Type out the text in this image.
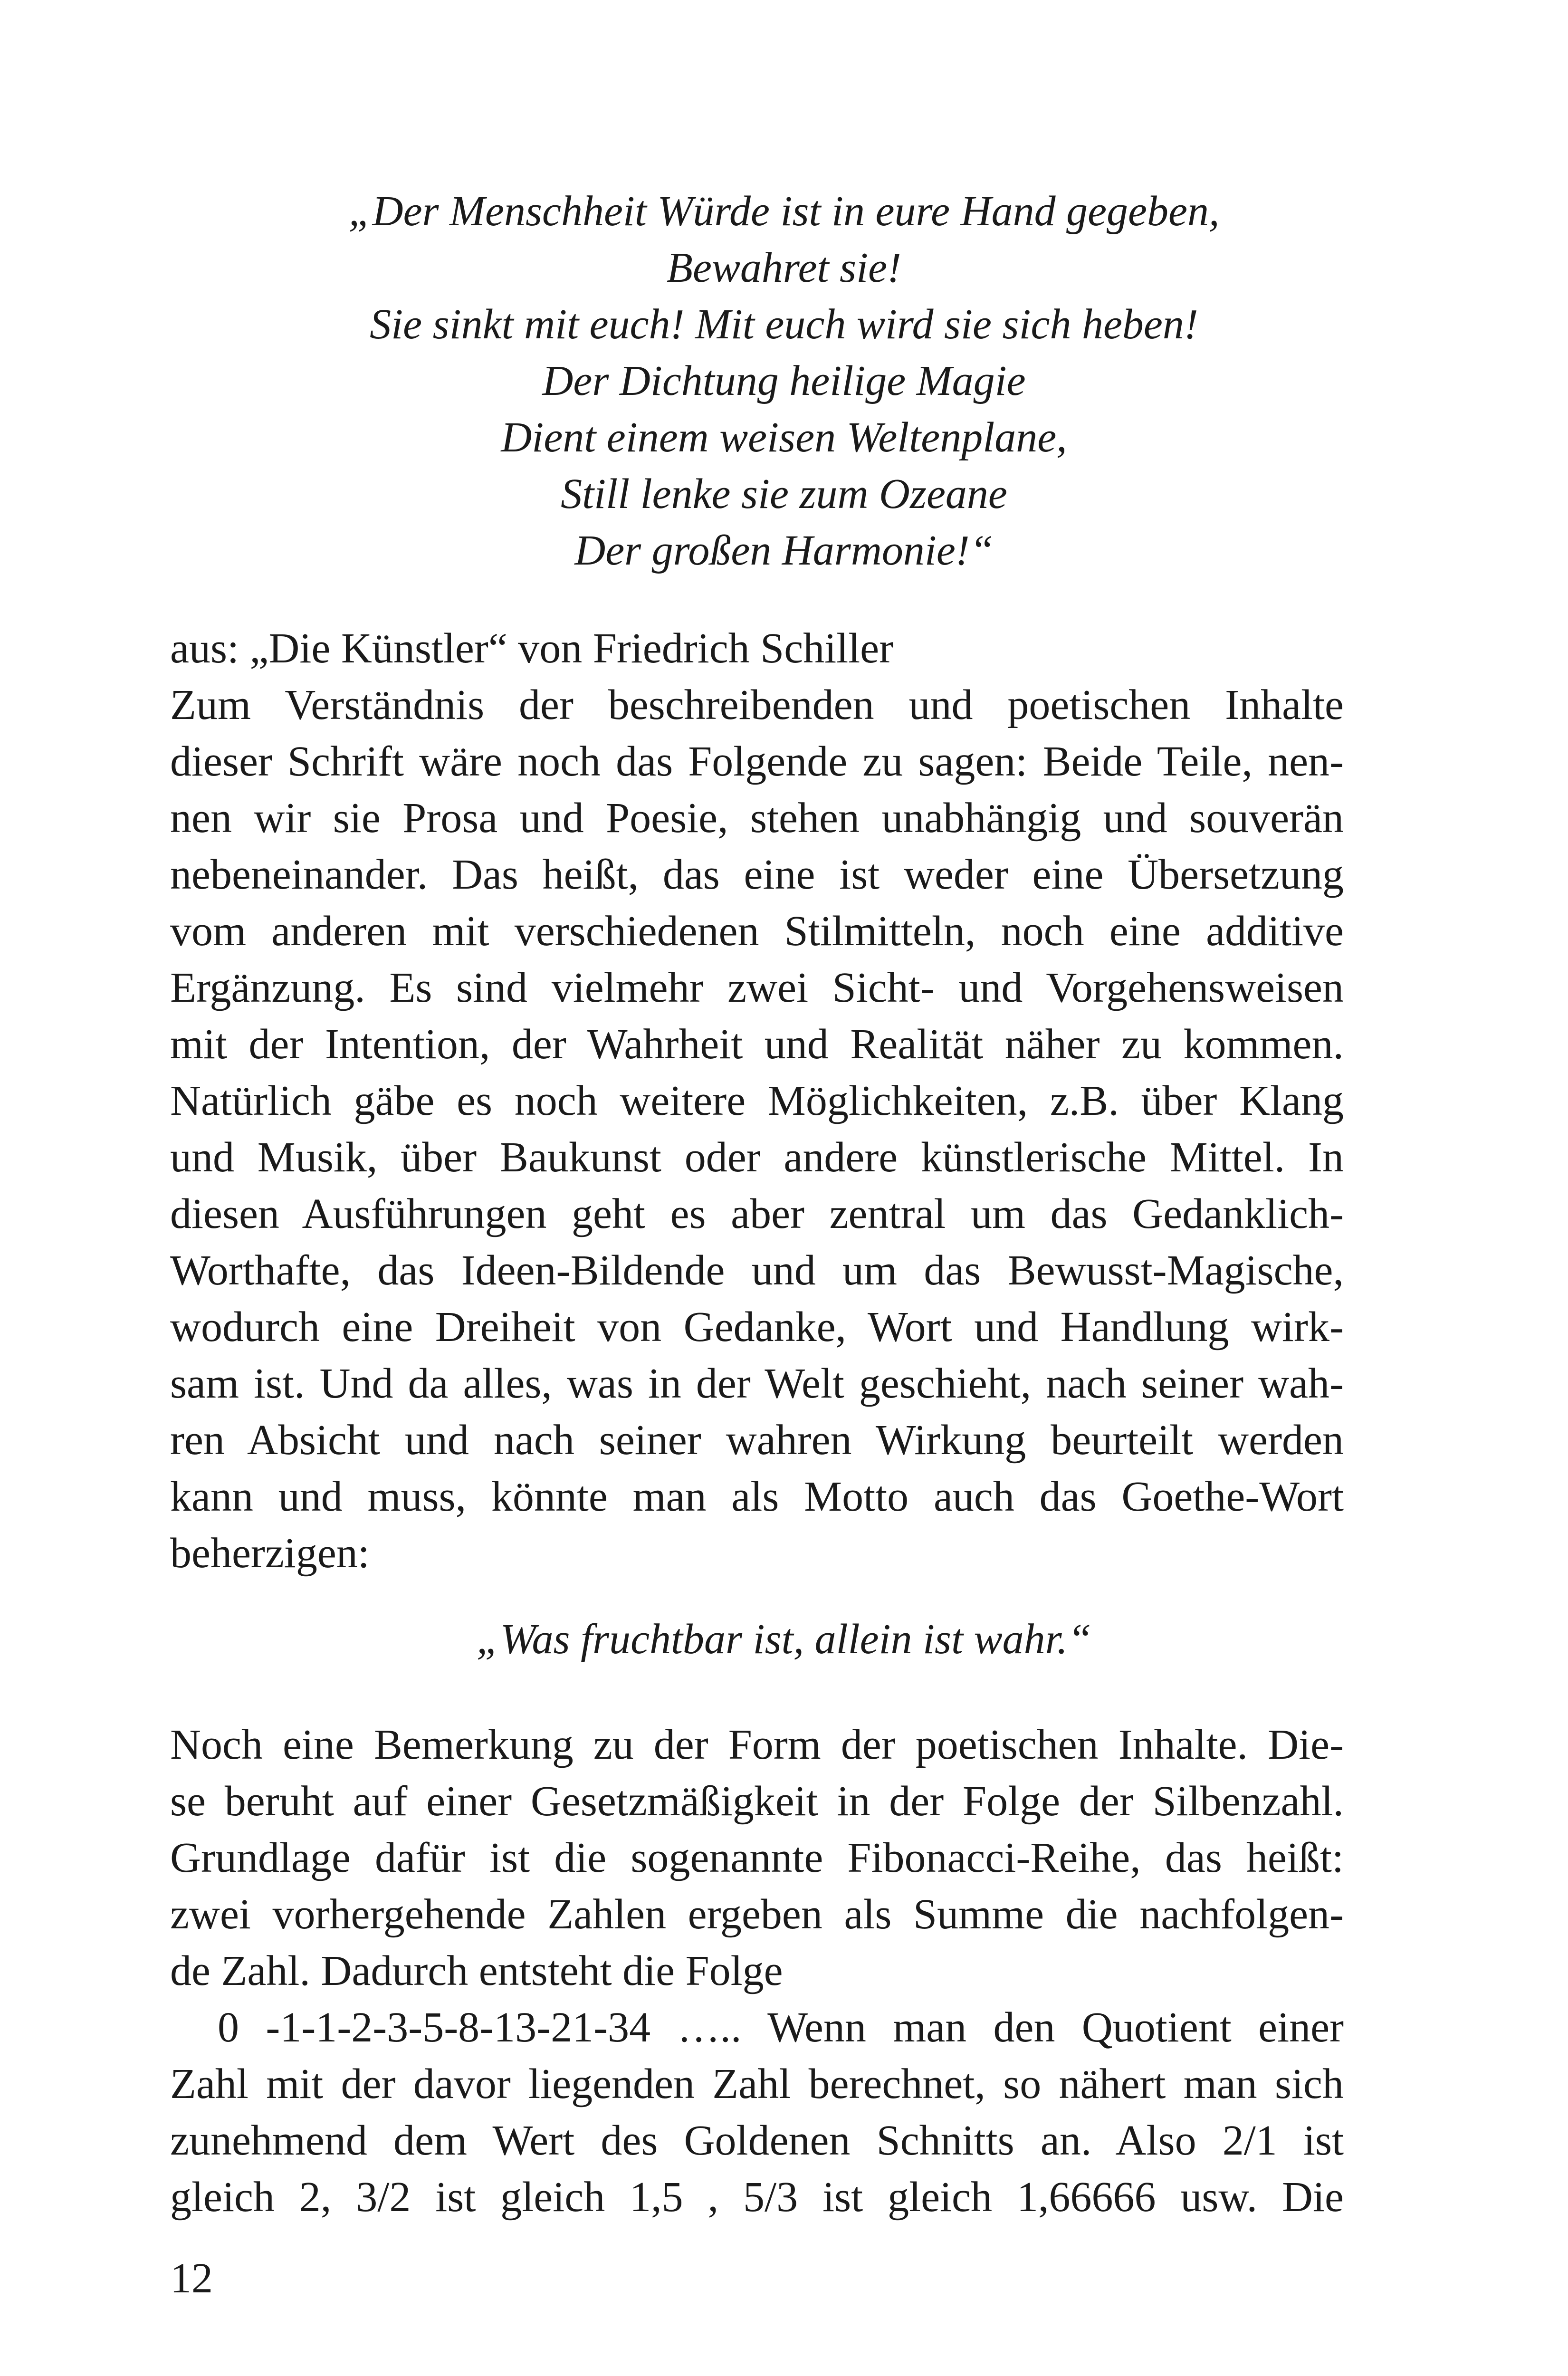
„Der Menschheit Würde ist in eure Hand gegeben,
Bewahret sie!
Sie sinkt mit euch! Mit euch wird sie sich heben!
Der Dichtung heilige Magie
Dient einem weisen Weltenplane,
Still lenke sie zum Ozeane
Der großen Harmonie!“
aus: „Die Künstler“ von Friedrich Schiller
Zum Verständnis der beschreibenden und poetischen Inhalte
dieser Schrift wäre noch das Folgende zu sagen: Beide Teile, nen-
nen wir sie Prosa und Poesie, stehen unabhängig und souverän
nebeneinander. Das heißt, das eine ist weder eine Übersetzung
vom anderen mit verschiedenen Stilmitteln, noch eine additive
Ergänzung. Es sind vielmehr zwei Sicht- und Vorgehensweisen
mit der Intention, der Wahrheit und Realität näher zu kommen.
Natürlich gäbe es noch weitere Möglichkeiten, z.B. über Klang
und Musik, über Baukunst oder andere künstlerische Mittel. In
diesen Ausführungen geht es aber zentral um das Gedanklich-
Worthafte, das Ideen-Bildende und um das Bewusst-Magische,
wodurch eine Dreiheit von Gedanke, Wort und Handlung wirk-
sam ist. Und da alles, was in der Welt geschieht, nach seiner wah-
ren Absicht und nach seiner wahren Wirkung beurteilt werden
kann und muss, könnte man als Motto auch das Goethe-Wort
beherzigen:
„Was fruchtbar ist, allein ist wahr.“
Noch eine Bemerkung zu der Form der poetischen Inhalte. Die-
se beruht auf einer Gesetzmäßigkeit in der Folge der Silbenzahl.
Grundlage dafür ist die sogenannte Fibonacci-Reihe, das heißt:
zwei vorhergehende Zahlen ergeben als Summe die nachfolgen-
de Zahl. Dadurch entsteht die Folge
0 -1-1-2-3-5-8-13-21-34 ….. Wenn man den Quotient einer
Zahl mit der davor liegenden Zahl berechnet, so nähert man sich
zunehmend dem Wert des Goldenen Schnitts an. Also 2/1 ist
gleich 2, 3/2 ist gleich 1,5 , 5/3 ist gleich 1,66666 usw. Die
12
